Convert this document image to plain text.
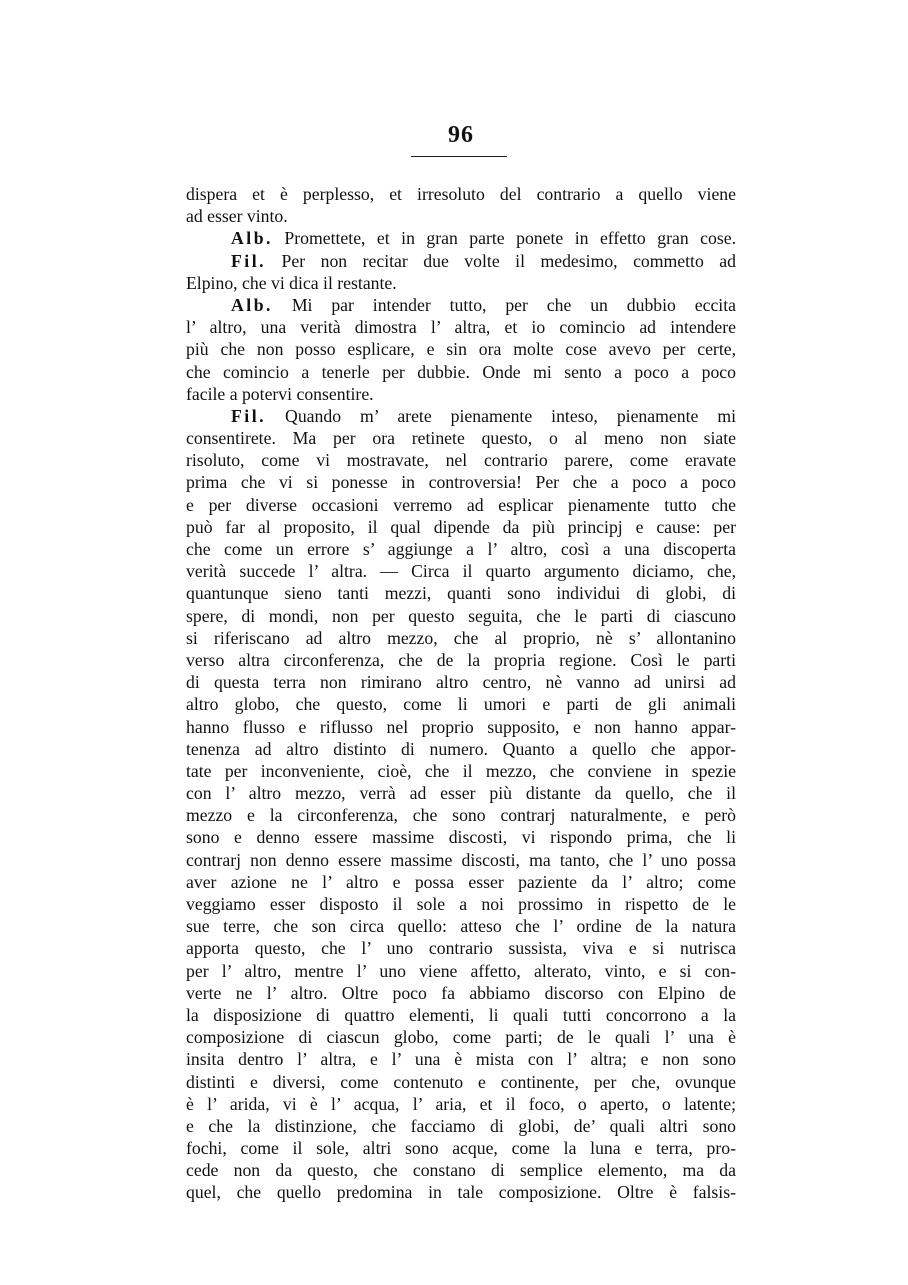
96
dispera et è perplesso, et irresoluto del contrario a quello viene
ad esser vinto.
Alb. Promettete, et in gran parte ponete in effetto gran cose.
Fil. Per non recitar due volte il medesimo, commetto ad
Elpino, che vi dica il restante.
Alb. Mi par intender tutto, per che un dubbio eccita
l’ altro, una verità dimostra l’ altra, et io comincio ad intendere
più che non posso esplicare, e sin ora molte cose avevo per certe,
che comincio a tenerle per dubbie. Onde mi sento a poco a poco
facile a potervi consentire.
Fil. Quando m’ arete pienamente inteso, pienamente mi
consentirete. Ma per ora retinete questo, o al meno non siate
risoluto, come vi mostravate, nel contrario parere, come eravate
prima che vi si ponesse in controversia! Per che a poco a poco
e per diverse occasioni verremo ad esplicar pienamente tutto che
può far al proposito, il qual dipende da più principj e cause: per
che come un errore s’ aggiunge a l’ altro, così a una discoperta
verità succede l’ altra. — Circa il quarto argumento diciamo, che,
quantunque sieno tanti mezzi, quanti sono individui di globi, di
spere, di mondi, non per questo seguita, che le parti di ciascuno
si riferiscano ad altro mezzo, che al proprio, nè s’ allontanino
verso altra circonferenza, che de la propria regione. Così le parti
di questa terra non rimirano altro centro, nè vanno ad unirsi ad
altro globo, che questo, come li umori e parti de gli animali
hanno flusso e riflusso nel proprio supposito, e non hanno appar-
tenenza ad altro distinto di numero. Quanto a quello che appor-
tate per inconveniente, cioè, che il mezzo, che conviene in spezie
con l’ altro mezzo, verrà ad esser più distante da quello, che il
mezzo e la circonferenza, che sono contrarj naturalmente, e però
sono e denno essere massime discosti, vi rispondo prima, che li
contrarj non denno essere massime discosti, ma tanto, che l’ uno possa
aver azione ne l’ altro e possa esser paziente da l’ altro; come
veggiamo esser disposto il sole a noi prossimo in rispetto de le
sue terre, che son circa quello: atteso che l’ ordine de la natura
apporta questo, che l’ uno contrario sussista, viva e si nutrisca
per l’ altro, mentre l’ uno viene affetto, alterato, vinto, e si con-
verte ne l’ altro. Oltre poco fa abbiamo discorso con Elpino de
la disposizione di quattro elementi, li quali tutti concorrono a la
composizione di ciascun globo, come parti; de le quali l’ una è
insita dentro l’ altra, e l’ una è mista con l’ altra; e non sono
distinti e diversi, come contenuto e continente, per che, ovunque
è l’ arida, vi è l’ acqua, l’ aria, et il foco, o aperto, o latente;
e che la distinzione, che facciamo di globi, de’ quali altri sono
fochi, come il sole, altri sono acque, come la luna e terra, pro-
cede non da questo, che constano di semplice elemento, ma da
quel, che quello predomina in tale composizione. Oltre è falsis-
